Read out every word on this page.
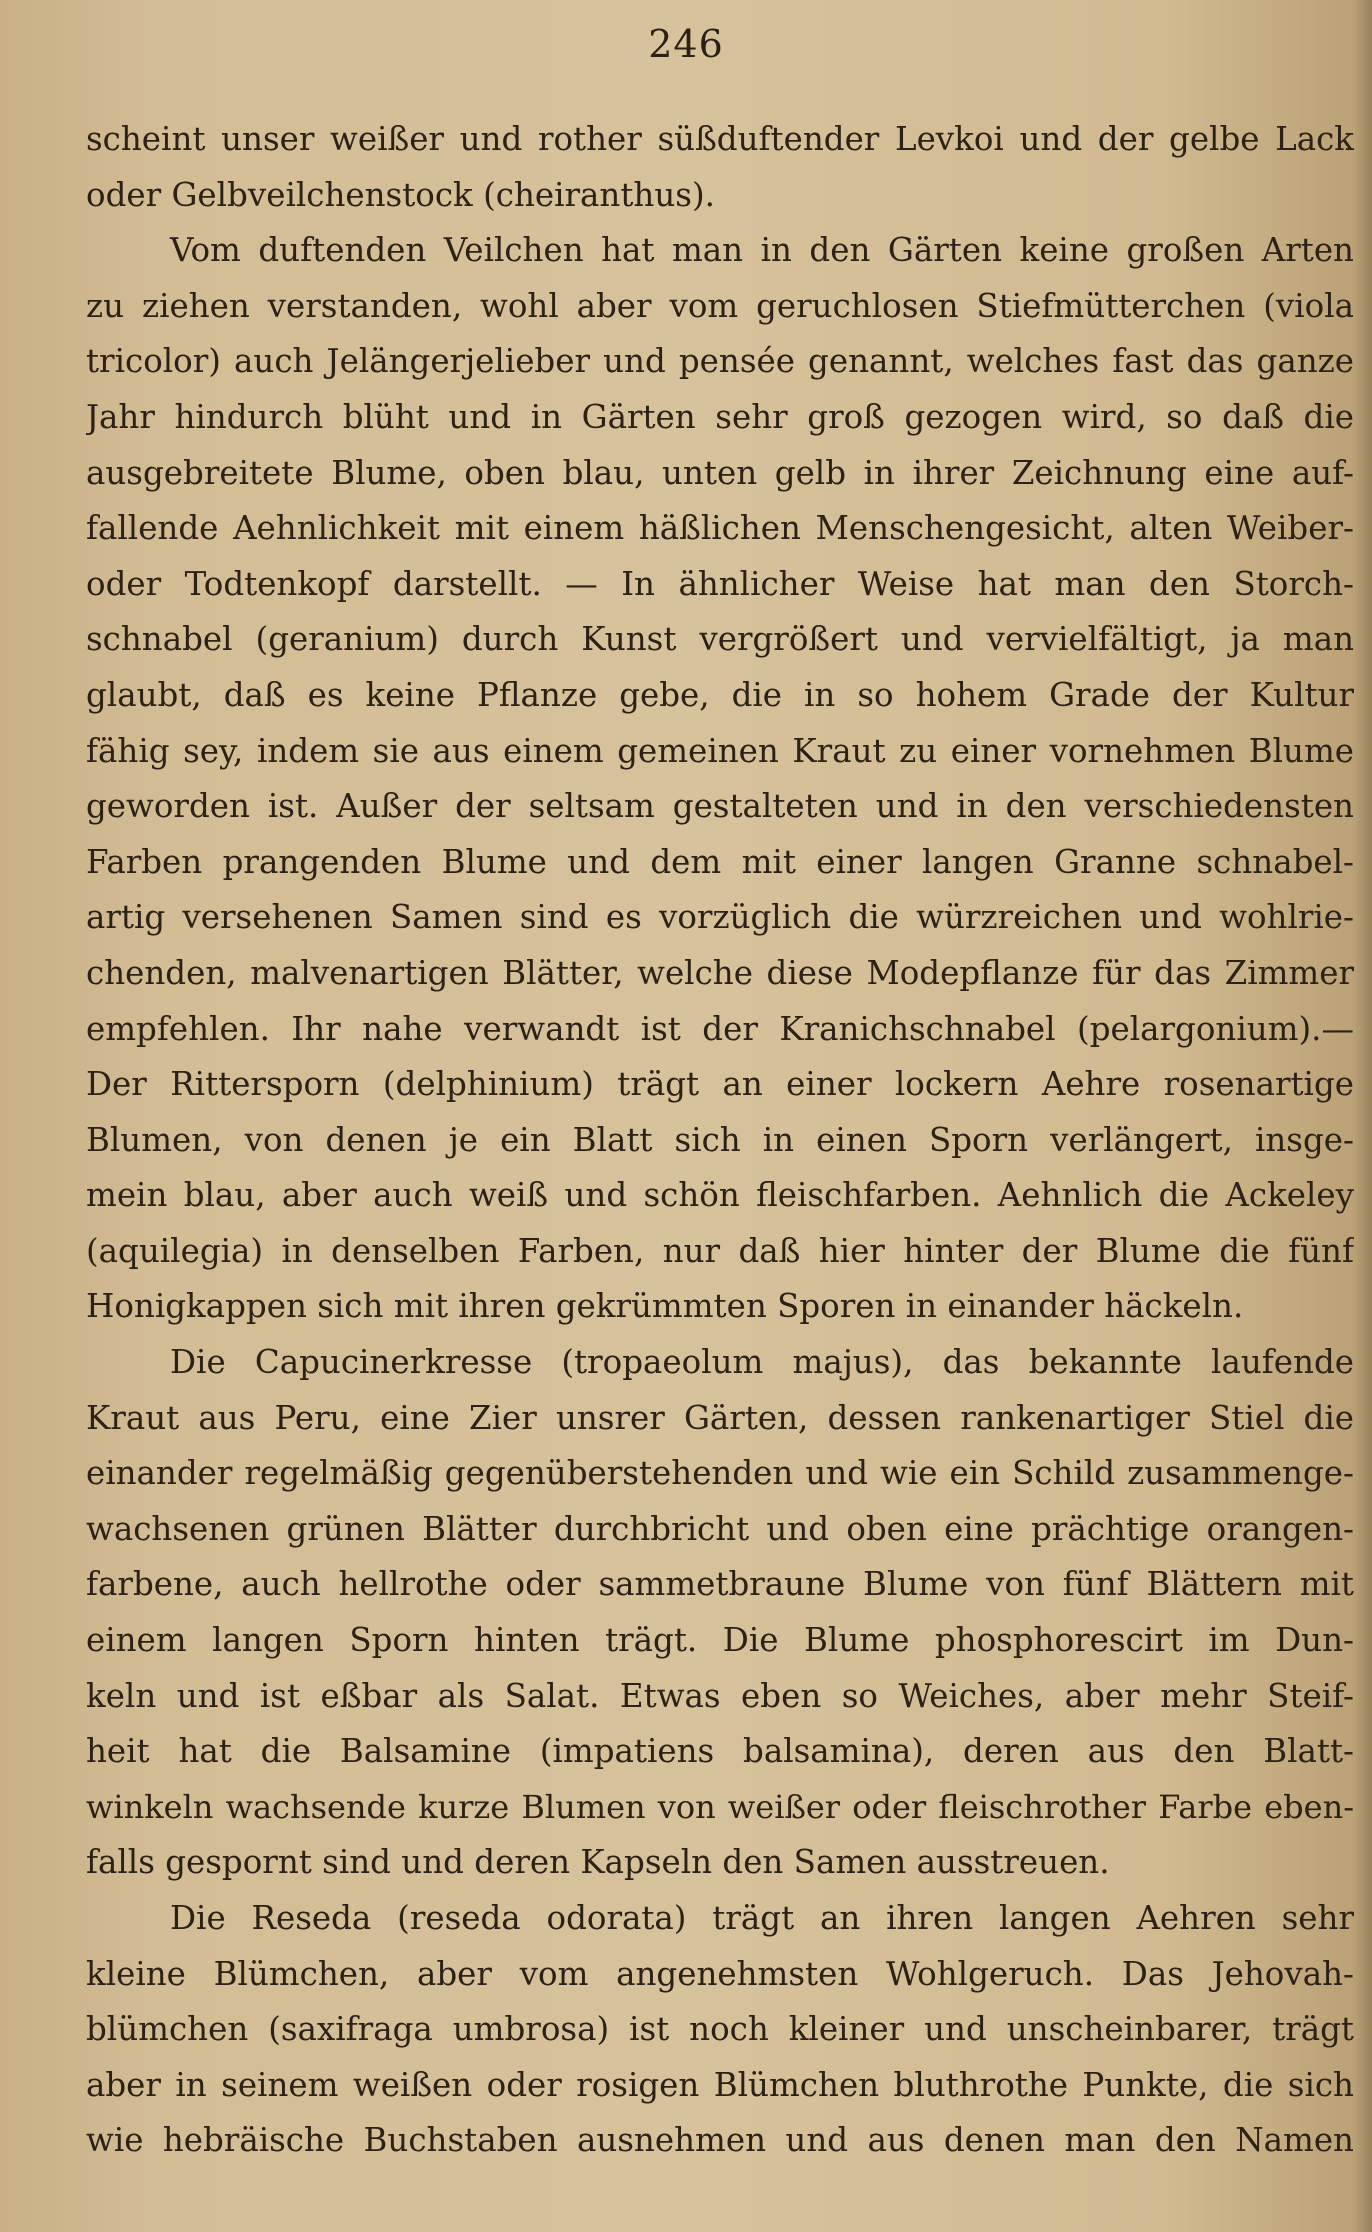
246
scheint unser weißer und rother süßduftender Levkoi und der gelbe Lack
oder Gelbveilchenstock (cheiranthus).
Vom duftenden Veilchen hat man in den Gärten keine großen Arten
zu ziehen verstanden, wohl aber vom geruchlosen Stiefmütterchen (viola
tricolor) auch Jelängerjelieber und pensée genannt, welches fast das ganze
Jahr hindurch blüht und in Gärten sehr groß gezogen wird, so daß die
ausgebreitete Blume, oben blau, unten gelb in ihrer Zeichnung eine auf-
fallende Aehnlichkeit mit einem häßlichen Menschengesicht, alten Weiber-
oder Todtenkopf darstellt. — In ähnlicher Weise hat man den Storch-
schnabel (geranium) durch Kunst vergrößert und vervielfältigt, ja man
glaubt, daß es keine Pflanze gebe, die in so hohem Grade der Kultur
fähig sey, indem sie aus einem gemeinen Kraut zu einer vornehmen Blume
geworden ist. Außer der seltsam gestalteten und in den verschiedensten
Farben prangenden Blume und dem mit einer langen Granne schnabel-
artig versehenen Samen sind es vorzüglich die würzreichen und wohlrie-
chenden, malvenartigen Blätter, welche diese Modepflanze für das Zimmer
empfehlen. Ihr nahe verwandt ist der Kranichschnabel (pelargonium).—
Der Rittersporn (delphinium) trägt an einer lockern Aehre rosenartige
Blumen, von denen je ein Blatt sich in einen Sporn verlängert, insge-
mein blau, aber auch weiß und schön fleischfarben. Aehnlich die Ackeley
(aquilegia) in denselben Farben, nur daß hier hinter der Blume die fünf
Honigkappen sich mit ihren gekrümmten Sporen in einander häckeln.
Die Capucinerkresse (tropaeolum majus), das bekannte laufende
Kraut aus Peru, eine Zier unsrer Gärten, dessen rankenartiger Stiel die
einander regelmäßig gegenüberstehenden und wie ein Schild zusammenge-
wachsenen grünen Blätter durchbricht und oben eine prächtige orangen-
farbene, auch hellrothe oder sammetbraune Blume von fünf Blättern mit
einem langen Sporn hinten trägt. Die Blume phosphorescirt im Dun-
keln und ist eßbar als Salat. Etwas eben so Weiches, aber mehr Steif-
heit hat die Balsamine (impatiens balsamina), deren aus den Blatt-
winkeln wachsende kurze Blumen von weißer oder fleischrother Farbe eben-
falls gespornt sind und deren Kapseln den Samen ausstreuen.
Die Reseda (reseda odorata) trägt an ihren langen Aehren sehr
kleine Blümchen, aber vom angenehmsten Wohlgeruch. Das Jehovah-
blümchen (saxifraga umbrosa) ist noch kleiner und unscheinbarer, trägt
aber in seinem weißen oder rosigen Blümchen bluthrothe Punkte, die sich
wie hebräische Buchstaben ausnehmen und aus denen man den Namen
